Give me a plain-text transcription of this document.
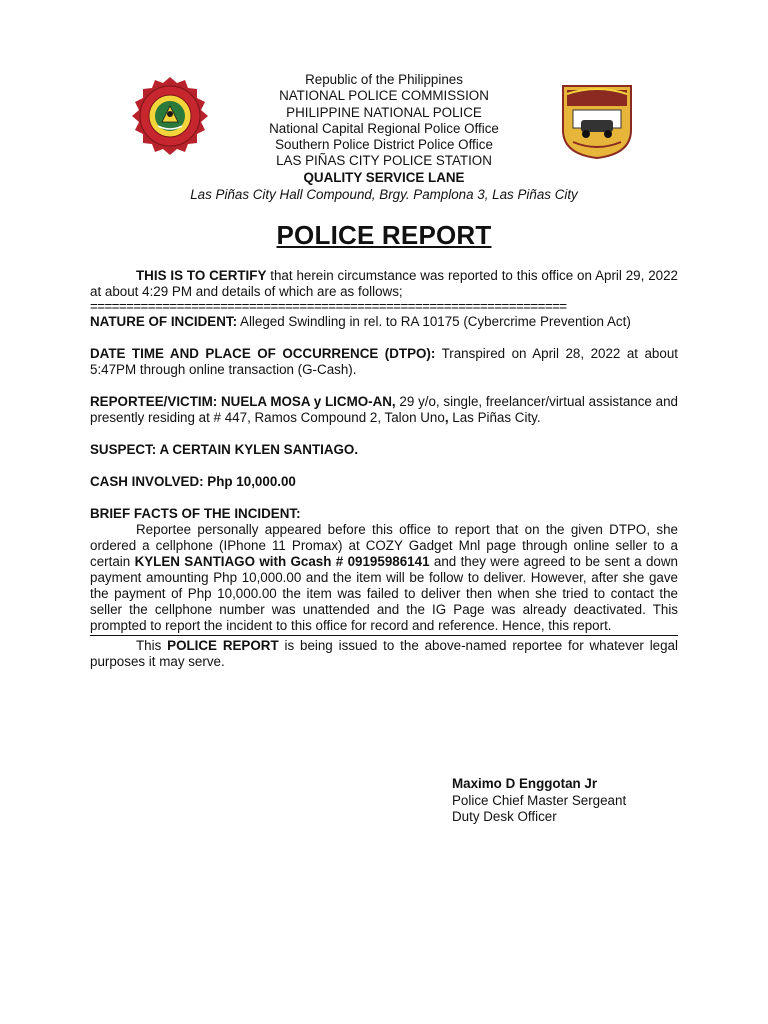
Republic of the Philippines
NATIONAL POLICE COMMISSION
PHILIPPINE NATIONAL POLICE
National Capital Regional Police Office
Southern Police District Police Office
LAS PIÑAS CITY POLICE STATION
QUALITY SERVICE LANE
Las Piñas City Hall Compound, Brgy. Pamplona 3, Las Piñas City
POLICE REPORT

THIS IS TO CERTIFY that herein circumstance was reported to this office on April 29, 2022 at about 4:29 PM and details of which are as follows;

==================================================================

NATURE OF INCIDENT: Alleged Swindling in rel. to RA 10175 (Cybercrime Prevention Act)

DATE TIME AND PLACE OF OCCURRENCE (DTPO): Transpired on April 28, 2022 at about 5:47PM through online transaction (G-Cash).

REPORTEE/VICTIM: NUELA MOSA y LICMO-AN, 29 y/o, single, freelancer/virtual assistance and presently residing at # 447, Ramos Compound 2, Talon Uno, Las Piñas City.

SUSPECT: A CERTAIN KYLEN SANTIAGO.

CASH INVOLVED: Php 10,000.00

BRIEF FACTS OF THE INCIDENT:

Reportee personally appeared before this office to report that on the given DTPO, she ordered a cellphone (IPhone 11 Promax) at COZY Gadget Mnl page through online seller to a certain KYLEN SANTIAGO with Gcash # 09195986141 and they were agreed to be sent a down payment amounting Php 10,000.00 and the item will be follow to deliver. However, after she gave the payment of Php 10,000.00 the item was failed to deliver then when she tried to contact the seller the cellphone number was unattended and the IG Page was already deactivated. This prompted to report the incident to this office for record and reference. Hence, this report.

This POLICE REPORT is being issued to the above-named reportee for whatever legal purposes it may serve.

Maximo D Enggotan Jr
Police Chief Master Sergeant
Duty Desk Officer
